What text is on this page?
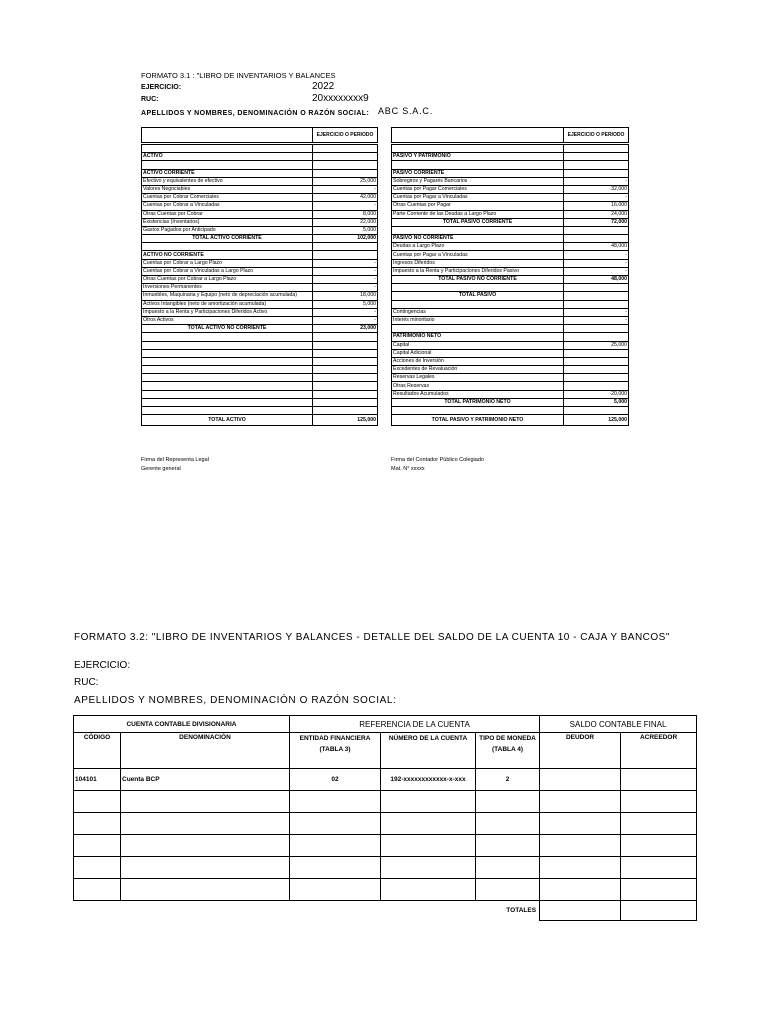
FORMATO 3.1 : "LIBRO DE INVENTARIOS Y BALANCES
EJERCICIO:	2022
RUC:	20xxxxxxxx9
APELLIDOS Y NOMBRES, DENOMINACIÓN O RAZÓN SOCIAL: ABC S.A.C.
	EJERCICIO O PERIODO
		EJERCICIO O PERIODO

ACTIVO	

ACTIVO CORRIENTE	
Efectivo y equivalentes de efectivo	25,000
Valores Negociables	-
Cuentas por Cobrar Comerciales	42,000
Cuentas por Cobrar a Vinculadas	-
Otras Cuentas por Cobrar	8,000
Existencias (Inventarios)	22,000
Gastos Pagados por Anticipado	5,000
TOTAL ACTIVO CORRIENTE	102,000

ACTIVO NO CORRIENTE	
Cuentas por Cobrar a Largo Plazo	-
Cuentas por Cobrar a Vinculadas a Largo Plazo	-
Otras Cuentas por Cobrar a Largo Plazo	-
Inversiones Permanentes	-
Inmuebles, Maquinaria y Equipo (neto de depreciación acumulada)	18,000
Activos Intangibles (neto de amortización acumulada)	5,000
Impuesto a la Renta y Participaciones Diferidos Activo	-
Otros Activos	-
TOTAL ACTIVO NO CORRIENTE	23,000

TOTAL ACTIVO	125,000

PASIVO Y PATRIMONIO	

PASIVO CORRIENTE	
Sobregiros y Pagarés Bancarios	-
Cuentas por Pagar Comerciales	32,000
Cuentas por Pagar a Vinculadas	-
Otras Cuentas por Pagar	16,000
Parte Corriente de las Deudas a Largo Plazo	24,000
TOTAL PASIVO CORRIENTE	72,000

PASIVO NO CORRIENTE	
Deudas a Largo Plazo	48,000
Cuentas por Pagar a Vinculadas	-
Ingresos Diferidos	-
Impuesto a la Renta y Participaciones Diferidos Pasivo	-
TOTAL PASIVO NO CORRIENTE	48,000

TOTAL PASIVO	

Contingencias	-
Interés minoritario	-

PATRIMONIO NETO	
Capital	25,000
Capital Adicional	
Acciones de Inversión	
Excedentes de Revaluación	
Reservas Legales	
Otras Reservas	
Resultados Acumulados	-20,000
TOTAL PATRIMONIO NETO	5,000

TOTAL PASIVO Y PATRIMONIO NETO	125,000
Firma del Representa Legal
Gerente general
Firma del Contador Público Colegiado
Mat. N° xxxxx
FORMATO 3.2: "LIBRO DE INVENTARIOS Y BALANCES - DETALLE DEL SALDO DE LA CUENTA 10 - CAJA Y BANCOS"
EJERCICIO:
RUC:
APELLIDOS Y NOMBRES, DENOMINACIÓN O RAZÓN SOCIAL:
CUENTA CONTABLE DIVISIONARIA		REFERENCIA DE LA CUENTA			SALDO CONTABLE FINAL	
CÓDIGO	DENOMINACIÓN	ENTIDAD FINANCIERA (TABLA 3)	NÚMERO DE LA CUENTA	TIPO DE MONEDA (TABLA 4)	DEUDOR	ACREEDOR
104101	Cuenta BCP	02	192-xxxxxxxxxxxx-x-xxx	2		

TOTALES						
